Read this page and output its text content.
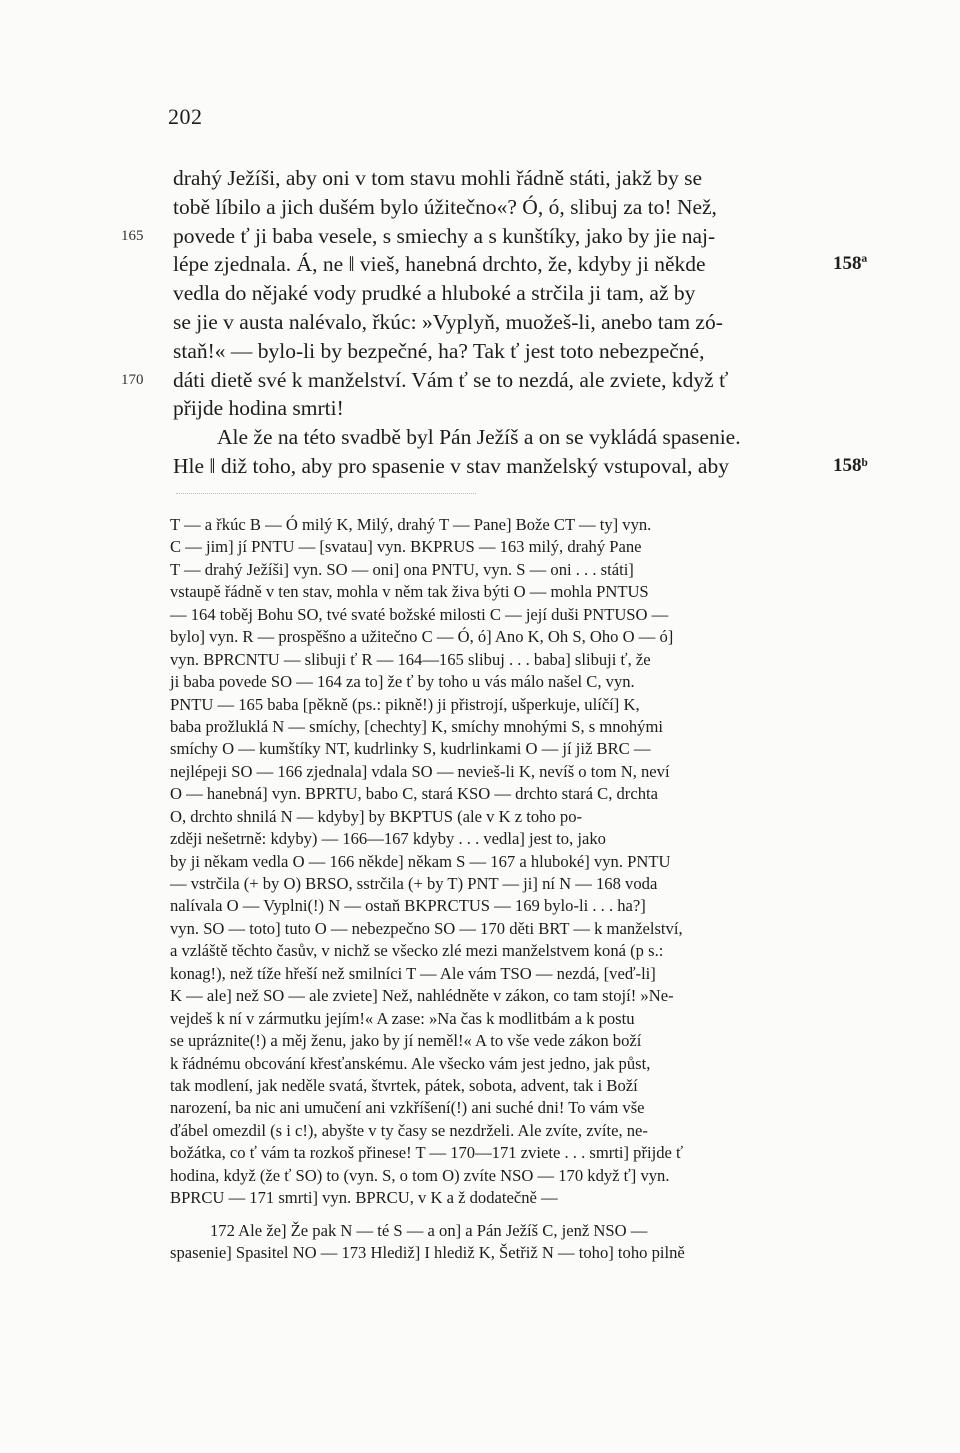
202
drahý Ježíši, aby oni v tom stavu mohli řádně státi, jakž by se
tobě líbilo a jich dušém bylo úžitečno«? Ó, ó, slibuj za to! Než,
165 povede ť ji baba vesele, s smiechy a s kunštíky, jako by jie naj-
lépe zjednala. Á, ne ‖ vieš, hanebná drchto, že, kdyby ji někde	158ª
vedla do nějaké vody prudké a hluboké a strčila ji tam, až by
se jie v austa nalévalo, řkúc: »Vyplyň, muožeš-li, anebo tam zó-
staň!« — bylo-li by bezpečné, ha? Tak ť jest toto nebezpečné,
170 dáti dietě své k manželství. Vám ť se to nezdá, ale zviete, když ť
přijde hodina smrti!
Ale že na této svadbě byl Pán Ježíš a on se vykládá spasenie.
Hle ‖ diž toho, aby pro spasenie v stav manželský vstupoval, aby	158ᵇ
T — a řkúc B — Ó milý K, Milý, drahý T — Pane] Bože CT — ty] vyn.
C — jim] jí PNTU — [svatau] vyn. BKPRUS — 163 milý, drahý Pane
T — drahý Ježíši] vyn. SO — oni] ona PNTU, vyn. S — oni . . . státi]
vstaupě řádně v ten stav, mohla v něm tak živa býti O — mohla PNTUS
— 164 toběj Bohu SO, tvé svaté božské milosti C — její duši PNTUSO —
bylo] vyn. R — prospěšno a užitečno C — Ó, ó] Ano K, Oh S, Oho O — ó]
vyn. BPRCNTU — slibuji ť R — 164—165 slibuj . . . baba] slibuji ť, že
ji baba povede SO — 164 za to] že ť by toho u vás málo našel C, vyn.
PNTU — 165 baba [pěkně (ps.: pikně!) ji přistrojí, ušperkuje, ulíčí] K,
baba prožluklá N — smíchy, [chechty] K, smíchy mnohými S, s mnohými
smíchy O — kumštíky NT, kudrlinky S, kudrlinkami O — jí již BRC —
nejlépeji SO — 166 zjednala] vdala SO — nevieš-li K, nevíš o tom N, neví
O — hanebná] vyn. BPRTU, babo C, stará KSO — drchto stará C, drchta
O, drchto shnilá N — kdyby] by BKPTUS (ale v K z toho po-
zději nešetrně: kdyby) — 166—167 kdyby . . . vedla] jest to, jako
by ji někam vedla O — 166 někde] někam S — 167 a hluboké] vyn. PNTU
— vstrčila (+ by O) BRSO, sstrčila (+ by T) PNT — ji] ní N — 168 voda
nalívala O — Vyplni(!) N — ostaň BKPRCTUS — 169 bylo-li . . . ha?]
vyn. SO — toto] tuto O — nebezpečno SO — 170 děti BRT — k manželství,
a vzláště těchto časův, v nichž se všecko zlé mezi manželstvem koná (p s.:
konag!), než tíže hřeší než smilníci T — Ale vám TSO — nezdá, [veď-li]
K — ale] než SO — ale zviete] Než, nahlédněte v zákon, co tam stojí! »Ne-
vejdeš k ní v zármutku jejím!« A zase: »Na čas k modlitbám a k postu
se upráznite(!) a měj ženu, jako by jí neměl!« A to vše vede zákon boží
k řádnému obcování křesťanskému. Ale všecko vám jest jedno, jak půst,
tak modlení, jak neděle svatá, štvrtek, pátek, sobota, advent, tak i Boží
narození, ba nic ani umučení ani vzkříšení(!) ani suché dni! To vám vše
ďábel omezdil (s i c!), abyšte v ty časy se nezdrželi. Ale zvíte, zvíte, ne-
božátka, co ť vám ta rozkoš přinese! T — 170—171 zviete . . . smrti] přijde ť
hodina, když (že ť SO) to (vyn. S, o tom O) zvíte NSO — 170 když ť] vyn.
BPRCU — 171 smrti] vyn. BPRCU, v K a ž dodatečně —
172 Ale že] Že pak N — té S — a on] a Pán Ježíš C, jenž NSO —
spasenie] Spasitel NO — 173 Hlediž] I hlediž K, Šetřiž N — toho] toho pilně
